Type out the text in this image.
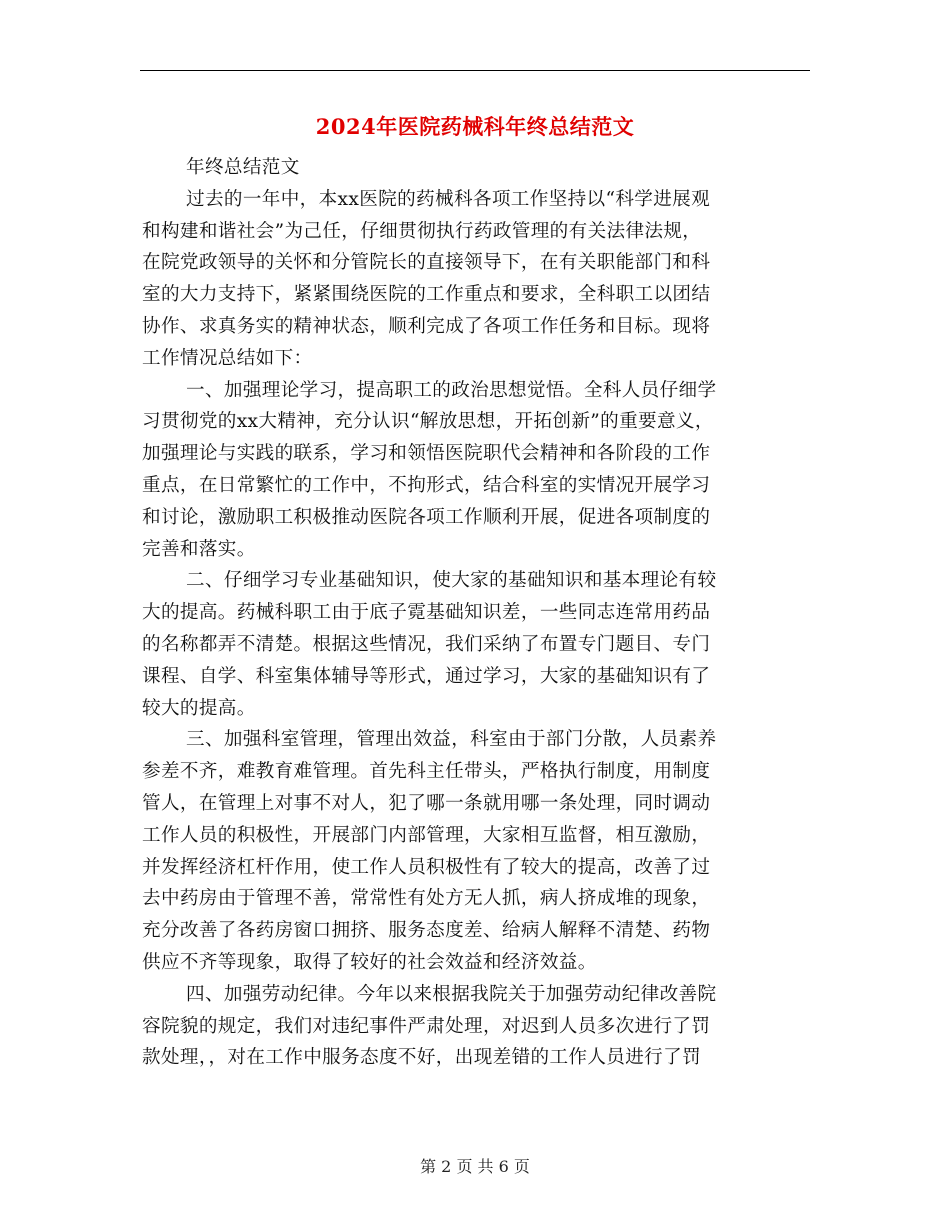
2024年医院药械科年终总结范文
年终总结范文
过去的一年中，本xx医院的药械科各项工作坚持以“科学进展观
和构建和谐社会”为己任，仔细贯彻执行药政管理的有关法律法规，
在院党政领导的关怀和分管院长的直接领导下，在有关职能部门和科
室的大力支持下，紧紧围绕医院的工作重点和要求，全科职工以团结
协作、求真务实的精神状态，顺利完成了各项工作任务和目标。现将
工作情况总结如下：
一、加强理论学习，提高职工的政治思想觉悟。全科人员仔细学
习贯彻党的xx大精神，充分认识“解放思想，开拓创新”的重要意义，
加强理论与实践的联系，学习和领悟医院职代会精神和各阶段的工作
重点，在日常繁忙的工作中，不拘形式，结合科室的实情况开展学习
和讨论，激励职工积极推动医院各项工作顺利开展，促进各项制度的
完善和落实。
二、仔细学习专业基础知识，使大家的基础知识和基本理论有较
大的提高。药械科职工由于底子霓基础知识差，一些同志连常用药品
的名称都弄不清楚。根据这些情况，我们采纳了布置专门题目、专门
课程、自学、科室集体辅导等形式，通过学习，大家的基础知识有了
较大的提高。
三、加强科室管理，管理出效益，科室由于部门分散，人员素养
参差不齐，难教育难管理。首先科主任带头，严格执行制度，用制度
管人，在管理上对事不对人，犯了哪一条就用哪一条处理，同时调动
工作人员的积极性，开展部门内部管理，大家相互监督，相互激励，
并发挥经济杠杆作用，使工作人员积极性有了较大的提高，改善了过
去中药房由于管理不善，常常性有处方无人抓，病人挤成堆的现象，
充分改善了各药房窗口拥挤、服务态度差、给病人解释不清楚、药物
供应不齐等现象，取得了较好的社会效益和经济效益。
四、加强劳动纪律。今年以来根据我院关于加强劳动纪律改善院
容院貌的规定，我们对违纪事件严肃处理，对迟到人员多次进行了罚
款处理，，对在工作中服务态度不好，出现差错的工作人员进行了罚
第 2 页 共 6 页
